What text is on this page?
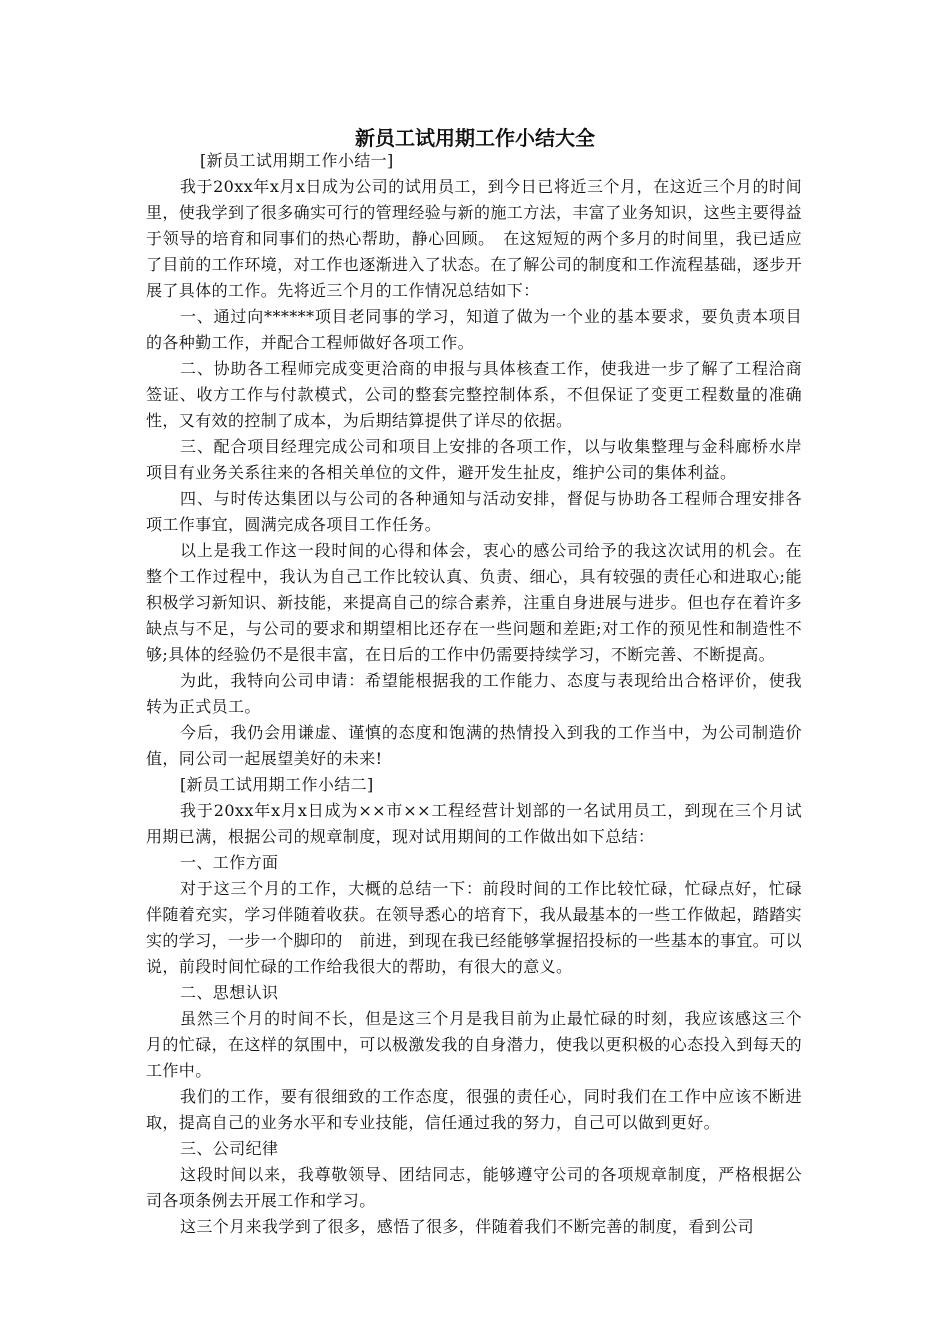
新员工试用期工作小结大全

[新员工试用期工作小结一]

我于20xx年x月x日成为公司的试用员工，到今日已将近三个月，在这近三个月的时间里，使我学到了很多确实可行的管理经验与新的施工方法，丰富了业务知识，这些主要得益于领导的培育和同事们的热心帮助，静心回顾。　在这短短的两个多月的时间里，我已适应了目前的工作环境，对工作也逐渐进入了状态。在了解公司的制度和工作流程基础，逐步开展了具体的工作。先将近三个月的工作情况总结如下：

一、通过向******项目老同事的学习，知道了做为一个业的基本要求，要负责本项目的各种勤工作，并配合工程师做好各项工作。

二、协助各工程师完成变更洽商的申报与具体核查工作，使我进一步了解了工程洽商签证、收方工作与付款模式，公司的整套完整控制体系，不但保证了变更工程数量的准确性，又有效的控制了成本，为后期结算提供了详尽的依据。

三、配合项目经理完成公司和项目上安排的各项工作，以与收集整理与金科廊桥水岸项目有业务关系往来的各相关单位的文件，避开发生扯皮，维护公司的集体利益。

四、与时传达集团以与公司的各种通知与活动安排，督促与协助各工程师合理安排各项工作事宜，圆满完成各项目工作任务。

以上是我工作这一段时间的心得和体会，衷心的感公司给予的我这次试用的机会。在整个工作过程中，我认为自己工作比较认真、负责、细心，具有较强的责任心和进取心;能积极学习新知识、新技能，来提高自己的综合素养，注重自身进展与进步。但也存在着许多缺点与不足，与公司的要求和期望相比还存在一些问题和差距;对工作的预见性和制造性不够;具体的经验仍不是很丰富，在日后的工作中仍需要持续学习，不断完善、不断提高。

为此，我特向公司申请：希望能根据我的工作能力、态度与表现给出合格评价，使我转为正式员工。

今后，我仍会用谦虚、谨慎的态度和饱满的热情投入到我的工作当中，为公司制造价值，同公司一起展望美好的未来!

[新员工试用期工作小结二]

我于20xx年x月x日成为××市××工程经营计划部的一名试用员工，到现在三个月试用期已满，根据公司的规章制度，现对试用期间的工作做出如下总结：

一、工作方面

对于这三个月的工作，大概的总结一下：前段时间的工作比较忙碌，忙碌点好，忙碌伴随着充实，学习伴随着收获。在领导悉心的培育下，我从最基本的一些工作做起，踏踏实实的学习，一步一个脚印的　前进，到现在我已经能够掌握招投标的一些基本的事宜。可以说，前段时间忙碌的工作给我很大的帮助，有很大的意义。

二、思想认识

虽然三个月的时间不长，但是这三个月是我目前为止最忙碌的时刻，我应该感这三个月的忙碌，在这样的氛围中，可以极激发我的自身潜力，使我以更积极的心态投入到每天的工作中。

我们的工作，要有很细致的工作态度，很强的责任心，同时我们在工作中应该不断进取，提高自己的业务水平和专业技能，信任通过我的努力，自己可以做到更好。

三、公司纪律

这段时间以来，我尊敬领导、团结同志，能够遵守公司的各项规章制度，严格根据公司各项条例去开展工作和学习。

这三个月来我学到了很多，感悟了很多，伴随着我们不断完善的制度，看到公司
